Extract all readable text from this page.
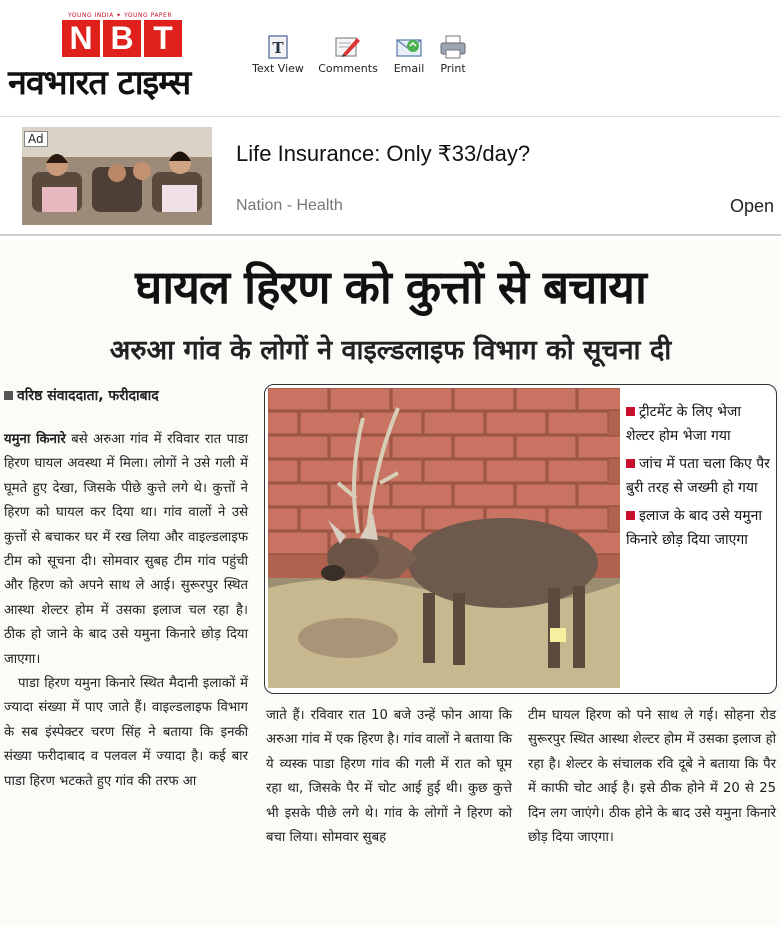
YOUNG INDIA ✦ YOUNG PAPER
N B T
नवभारत टाइम्स
T
Text View	Comments	Email	Print
Ad
Life Insurance: Only ₹33/day?
Nation - Health	Open
घायल हिरण को कुत्तों से बचाया
अरुआ गांव के लोगों ने वाइल्डलाइफ विभाग को सूचना दी
वरिष्ठ संवाददाता, फरीदाबाद

यमुना किनारे बसे अरुआ गांव में रविवार रात पाडा हिरण घायल अवस्था में मिला। लोगों ने उसे गली में घूमते हुए देखा, जिसके पीछे कुत्ते लगे थे। कुत्तों ने हिरण को घायल कर दिया था। गांव वालों ने उसे कुत्तों से बचाकर घर में रख लिया और वाइल्डलाइफ टीम को सूचना दी। सोमवार सुबह टीम गांव पहुंची और हिरण को अपने साथ ले आई। सुरूरपुर स्थित आस्था शेल्टर होम में उसका इलाज चल रहा है। ठीक हो जाने के बाद उसे यमुना किनारे छोड़ दिया जाएगा।

पाडा हिरण यमुना किनारे स्थित मैदानी इलाकों में ज्यादा संख्या में पाए जाते हैं। वाइल्डलाइफ विभाग के सब इंस्पेक्टर चरण सिंह ने बताया कि इनकी संख्या फरीदाबाद व पलवल में ज्यादा है। कई बार पाडा हिरण भटकते हुए गांव की तरफ आ

ट्रीटमेंट के लिए भेजा शेल्टर होम भेजा गया
जांच में पता चला किए पैर बुरी तरह से जख्मी हो गया
इलाज के बाद उसे यमुना किनारे छोड़ दिया जाएगा

जाते हैं। रविवार रात 10 बजे उन्हें फोन आया कि अरुआ गांव में एक हिरण है। गांव वालों ने बताया कि ये व्यस्क पाडा हिरण गांव की गली में रात को घूम रहा था, जिसके पैर में चोट आई हुई थी। कुछ कुत्ते भी इसके पीछे लगे थे। गांव के लोगों ने हिरण को बचा लिया। सोमवार सुबह

टीम घायल हिरण को पने साथ ले गई। सोहना रोड सुरूरपुर स्थित आस्था शेल्टर होम में उसका इलाज हो रहा है। शेल्टर के संचालक रवि दूबे ने बताया कि पैर में काफी चोट आई है। इसे ठीक होने में 20 से 25 दिन लग जाएंगे। ठीक होने के बाद उसे यमुना किनारे छोड़ दिया जाएगा।
